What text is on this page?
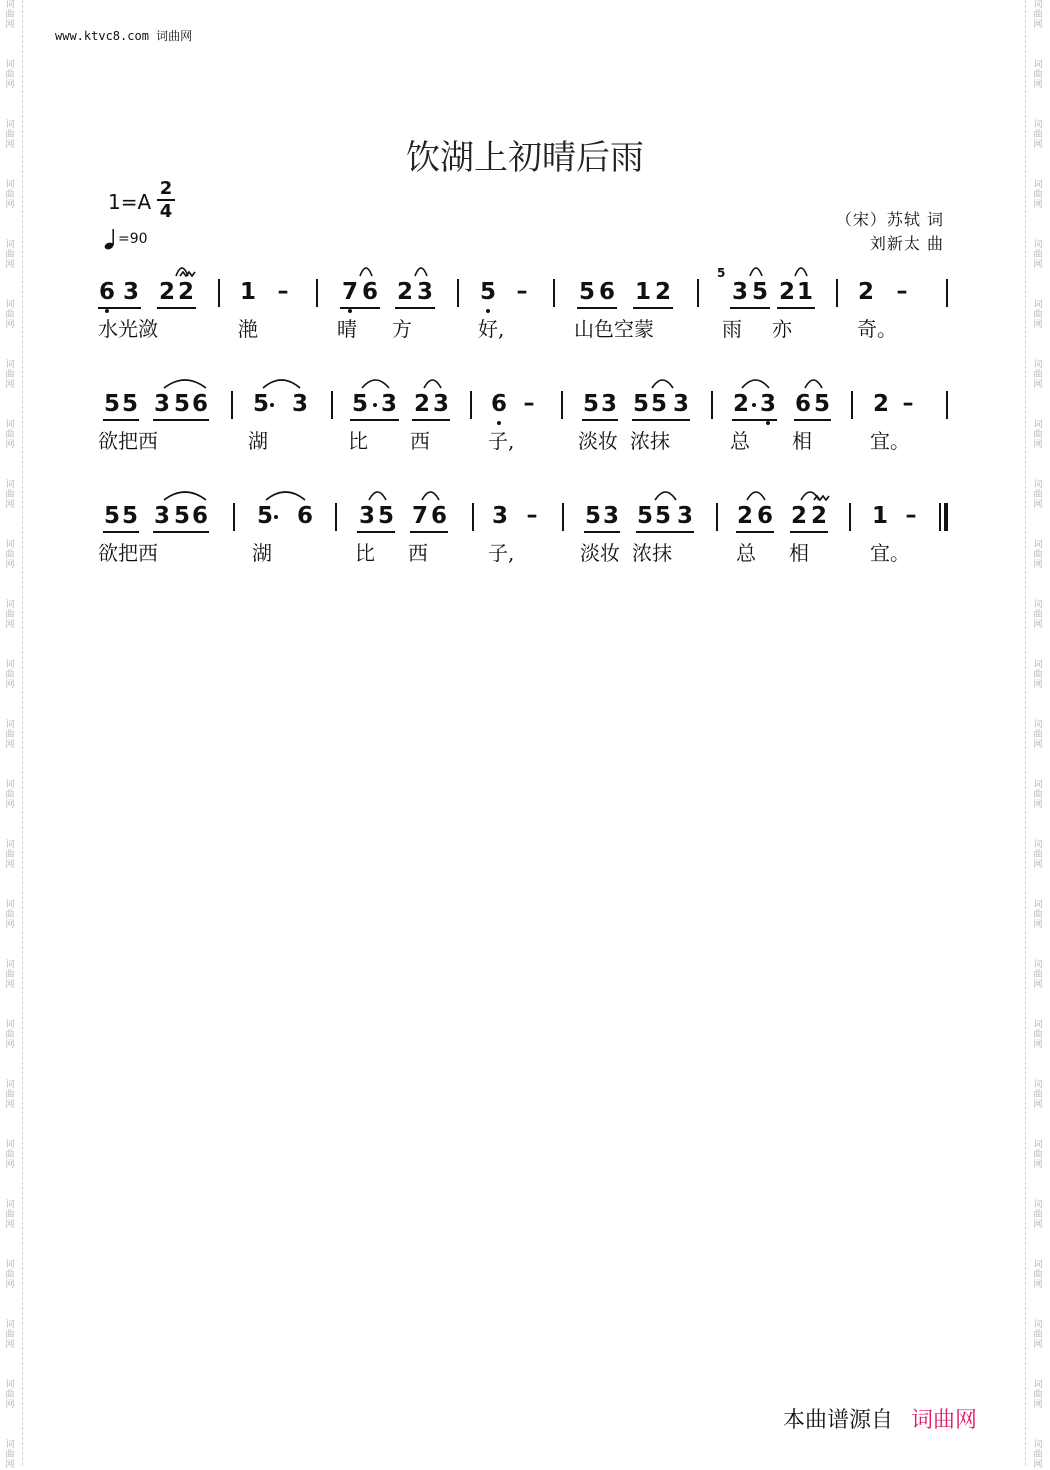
词
曲
网
词
曲
网
词
曲
网
词
曲
网
词
曲
网
词
曲
网
词
曲
网
词
曲
网
词
曲
网
词
曲
网
词
曲
网
词
曲
网
词
曲
网
词
曲
网
词
曲
网
词
曲
网
词
曲
网
词
曲
网
词
曲
网
词
曲
网
词
曲
网
词
曲
网
词
曲
网
词
曲
网
词
曲
网
词
曲
网
词
曲
网
词
曲
网
词
曲
网
词
曲
网
词
曲
网
词
曲
网
词
曲
网
词
曲
网
词
曲
网
词
曲
网
词
曲
网
词
曲
网
词
曲
网
词
曲
网
词
曲
网
词
曲
网
词
曲
网
词
曲
网
词
曲
网
词
曲
网
词
曲
网
词
曲
网
词
曲
网
词
曲
网
www.ktvc8.com 词曲网
饮湖上初晴后雨
1=A
2
4
=90
（宋）苏轼 词
刘新太 曲
6 3 2 2 1	7 6 2 3 5	5 6 1 2	3 5 2 1 2
–	–	–
5
水光潋	滟	晴 方	好,	山色空蒙	雨 亦	奇。
5 5 3 5 6 5 3 5 3 2 3 6	5 3 5 5 3 2 3 6 5 2
–	–
欲把西	湖	比 西	子,	淡妆 浓抹	总 相	宜。
5 5 3 5 6 5 6 3 5 7 6 3	5 3 5 5 3 2 6 2 2 1
–	–
欲把西	湖	比 西	子,	淡妆 浓抹	总 相	宜。
本曲谱源自 词曲网
